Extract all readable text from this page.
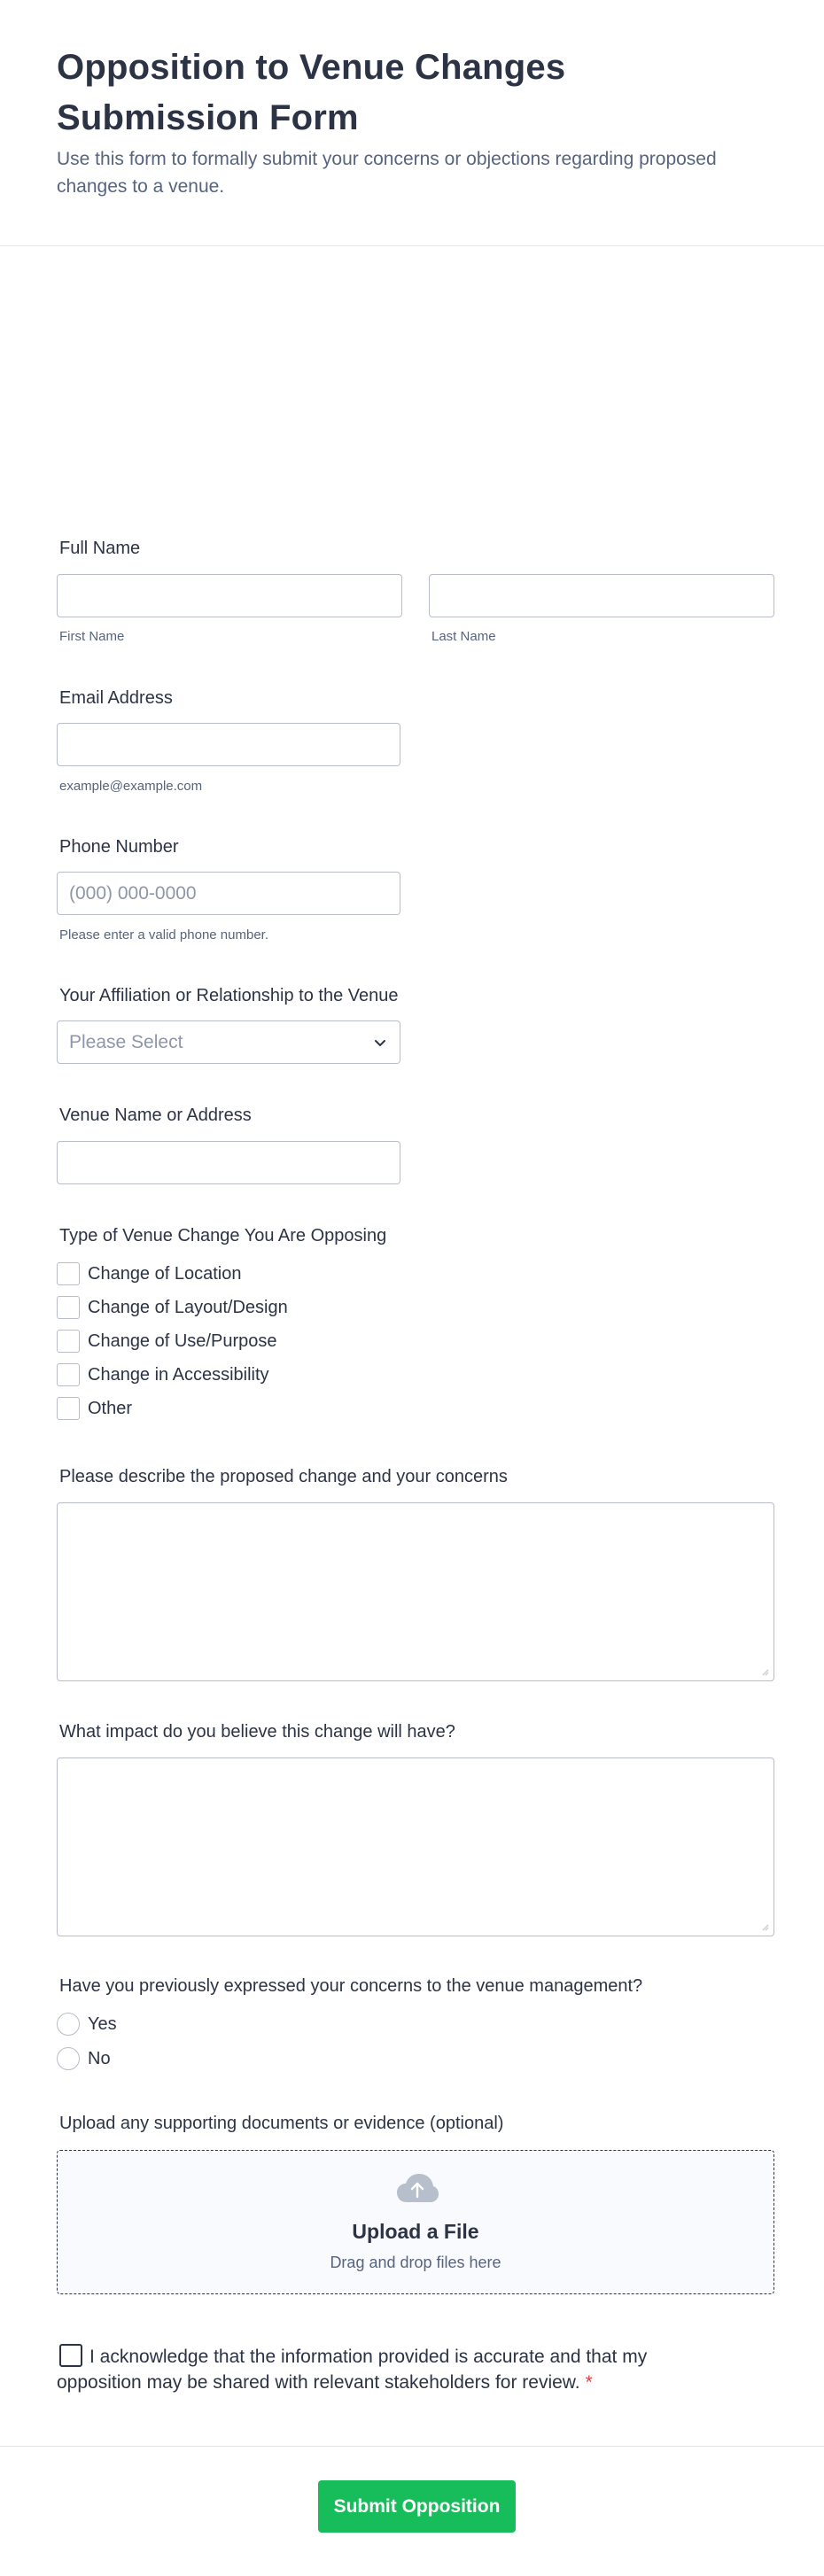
Opposition to Venue Changes Submission Form
Use this form to formally submit your concerns or objections regarding proposed changes to a venue.
Full Name
First Name	Last Name
Email Address
example@example.com
Phone Number
(000) 000-0000
Please enter a valid phone number.
Your Affiliation or Relationship to the Venue
Please Select
Venue Name or Address
Type of Venue Change You Are Opposing
Change of Location
Change of Layout/Design
Change of Use/Purpose
Change in Accessibility
Other
Please describe the proposed change and your concerns
What impact do you believe this change will have?
Have you previously expressed your concerns to the venue management?
Yes
No
Upload any supporting documents or evidence (optional)
Upload a File
Drag and drop files here
I acknowledge that the information provided is accurate and that my opposition may be shared with relevant stakeholders for review. *
Submit Opposition
